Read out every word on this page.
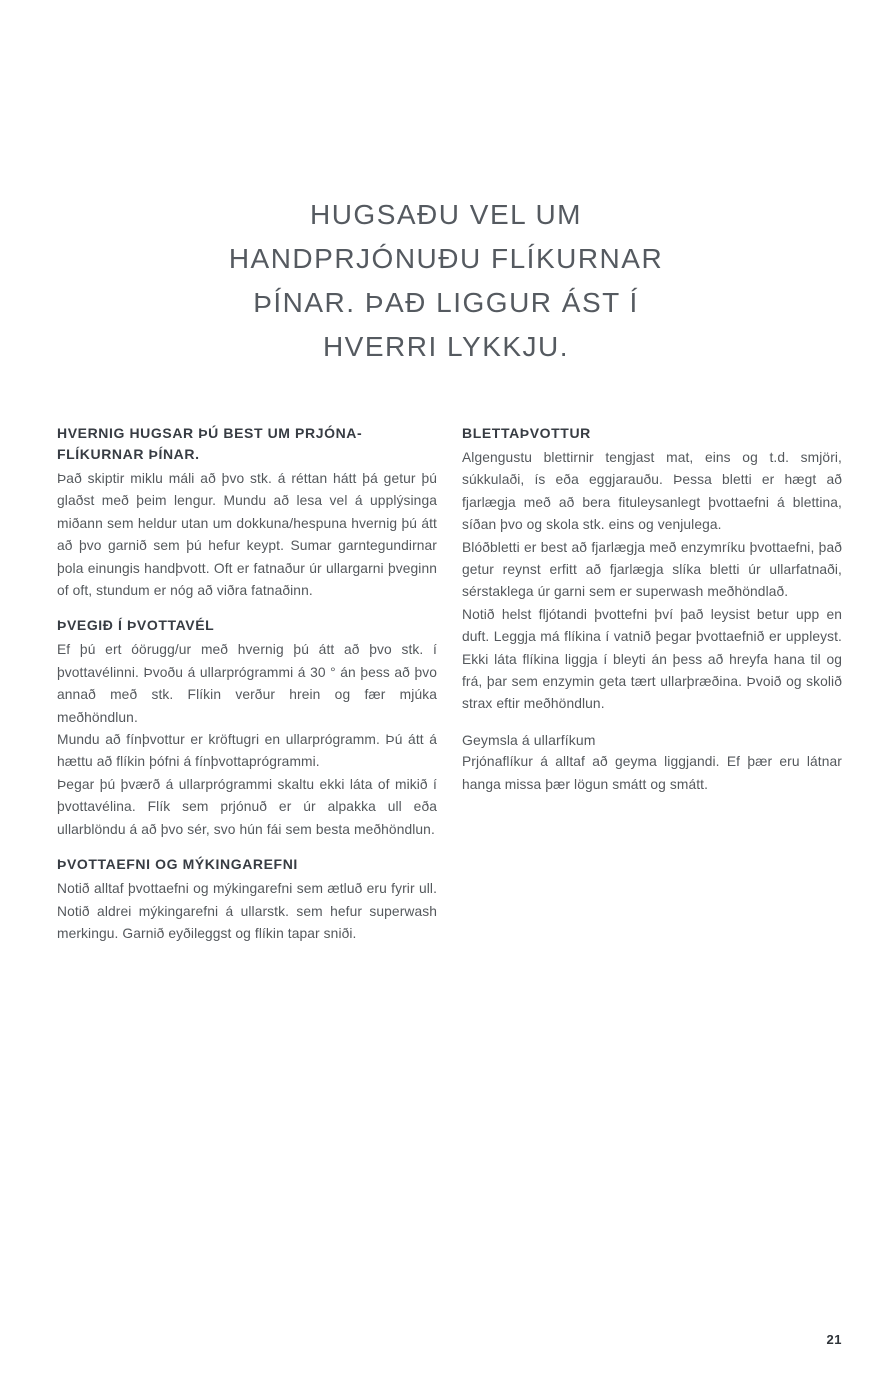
HUGSAÐU VEL UM
HANDPRJÓNUÐU FLÍKURNAR
ÞÍNAR. ÞAÐ LIGGUR ÁST Í
HVERRI LYKKJU.
HVERNIG HUGSAR ÞÚ BEST UM PRJÓNA-FLÍKURNAR ÞÍNAR.

Það skiptir miklu máli að þvo stk. á réttan hátt þá getur þú glaðst með þeim lengur. Mundu að lesa vel á upplýsinga miðann sem heldur utan um dokkuna/hespuna hvernig þú átt að þvo garnið sem þú hefur keypt. Sumar garntegundirnar þola einungis handþvott. Oft er fatnaður úr ullargarni þveginn of oft, stundum er nóg að viðra fatnaðinn.

ÞVEGIÐ Í ÞVOTTAVÉL

Ef þú ert óörugg/ur með hvernig þú átt að þvo stk. í þvottavélinni. Þvoðu á ullarprógrammi á 30 ° án þess að þvo annað með stk. Flíkin verður hrein og fær mjúka meðhöndlun.

Mundu að fínþvottur er kröftugri en ullarprógramm. Þú átt á hættu að flíkin þófni á fínþvottaprógrammi.

Þegar þú þværð á ullarprógrammi skaltu ekki láta of mikið í þvottavélina. Flík sem prjónuð er úr alpakka ull eða ullarblöndu á að þvo sér, svo hún fái sem besta meðhöndlun.

ÞVOTTAEFNI OG MÝKINGAREFNI

Notið alltaf þvottaefni og mýkingarefni sem ætluð eru fyrir ull. Notið aldrei mýkingarefni á ullarstk. sem hefur superwash merkingu. Garnið eyðileggst og flíkin tapar sniði.

BLETTAÞVOTTUR

Algengustu blettirnir tengjast mat, eins og t.d. smjöri, súkkulaði, ís eða eggjarauðu. Þessa bletti er hægt að fjarlægja með að bera fituleysanlegt þvottaefni á blettina, síðan þvo og skola stk. eins og venjulega.

Blóðbletti er best að fjarlægja með enzymríku þvottaefni, það getur reynst erfitt að fjarlægja slíka bletti úr ullarfatnaði, sérstaklega úr garni sem er superwash meðhöndlað.

Notið helst fljótandi þvottefni því það leysist betur upp en duft. Leggja má flíkina í vatnið þegar þvottaefnið er uppleyst. Ekki láta flíkina liggja í bleyti án þess að hreyfa hana til og frá, þar sem enzymin geta tært ullarþræðina. Þvoið og skolið strax eftir meðhöndlun.

Geymsla á ullarfíkum

Prjónaflíkur á alltaf að geyma liggjandi. Ef þær eru látnar hanga missa þær lögun smátt og smátt.

21
